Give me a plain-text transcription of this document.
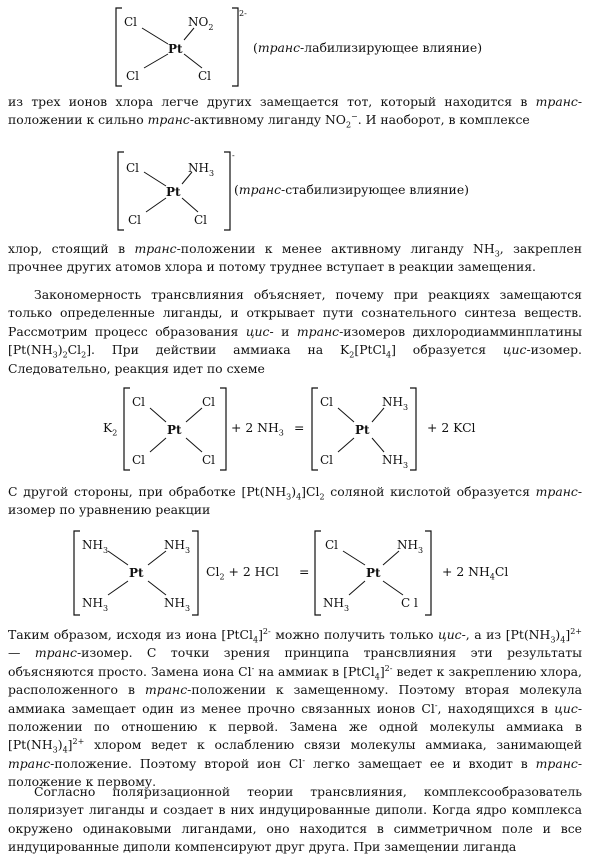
Cl	$NO_2$
Pt
Cl	Cl
2-
(транс-лабилизирующее влияние)

из трех ионов хлора легче других замещается тот, который находится в транс-положении к сильно транс-активному лиганду $NO_2^-$. И наоборот, в комплексе

Cl	$NH_3$
Pt
Cl	Cl
-
(транс-стабилизирующее влияние)

хлор, стоящий в транс-положении к менее активному лиганду $NH_3$, закреплен прочнее других атомов хлора и потому труднее вступает в реакции замещения.

Закономерность трансвлияния объясняет, почему при реакциях замещаются только определенные лиганды, и открывает пути сознательного синтеза веществ. Рассмотрим процесс образования цис- и транс-изомеров дихлородиамминплатины $[Pt(NH_3)_2Cl_2]$. При действии аммиака на $K_2[PtCl_4]$ образуется цис-изомер. Следовательно, реакция идет по схеме

$K_2$
Cl	Cl
Pt
Cl	Cl
+ 2 $NH_3$ =
Cl	$NH_3$
Pt
Cl	$NH_3$
+ 2 KCl

С другой стороны, при обработке $[Pt(NH_3)_4]Cl_2$ соляной кислотой образуется транс-изомер по уравнению реакции

$NH_3$	$NH_3$
Pt
$NH_3$	$NH_3$
$Cl_2 + 2$ HCl =
Cl	$NH_3$
Pt
$NH_3$	C l
+ 2 $NH_4Cl$

Таким образом, исходя из иона [PtCl$_4$]$^{2-}$ можно получить только цис-, а из $[Pt(NH_3)_4]^{2+}$ — транс-изомер. С точки зрения принципа трансвлияния эти результаты объясняются просто. Замена иона Cl- на аммиак в [PtCl$_4$]$^{2-}$ ведет к закреплению хлора, расположенного в транс-положении к замещенному. Поэтому вторая молекула аммиака замещает один из менее прочно связанных ионов Cl-, находящихся в цис-положении по отношению к первой. Замена же одной молекулы аммиака в $[Pt(NH_3)_4]^{2+}$ хлором ведет к ослаблению связи молекулы аммиака, занимающей транс-положение. Поэтому второй ион Cl- легко замещает ее и входит в транс-положение к первому.

Согласно поляризационной теории трансвлияния, комплексообразователь поляризует лиганды и создает в них индуцированные диполи. Когда ядро комплекса окружено одинаковыми лигандами, оно находится в симметричном поле и все индуцированные диполи компенсируют друг друга. При замещении лиганда
